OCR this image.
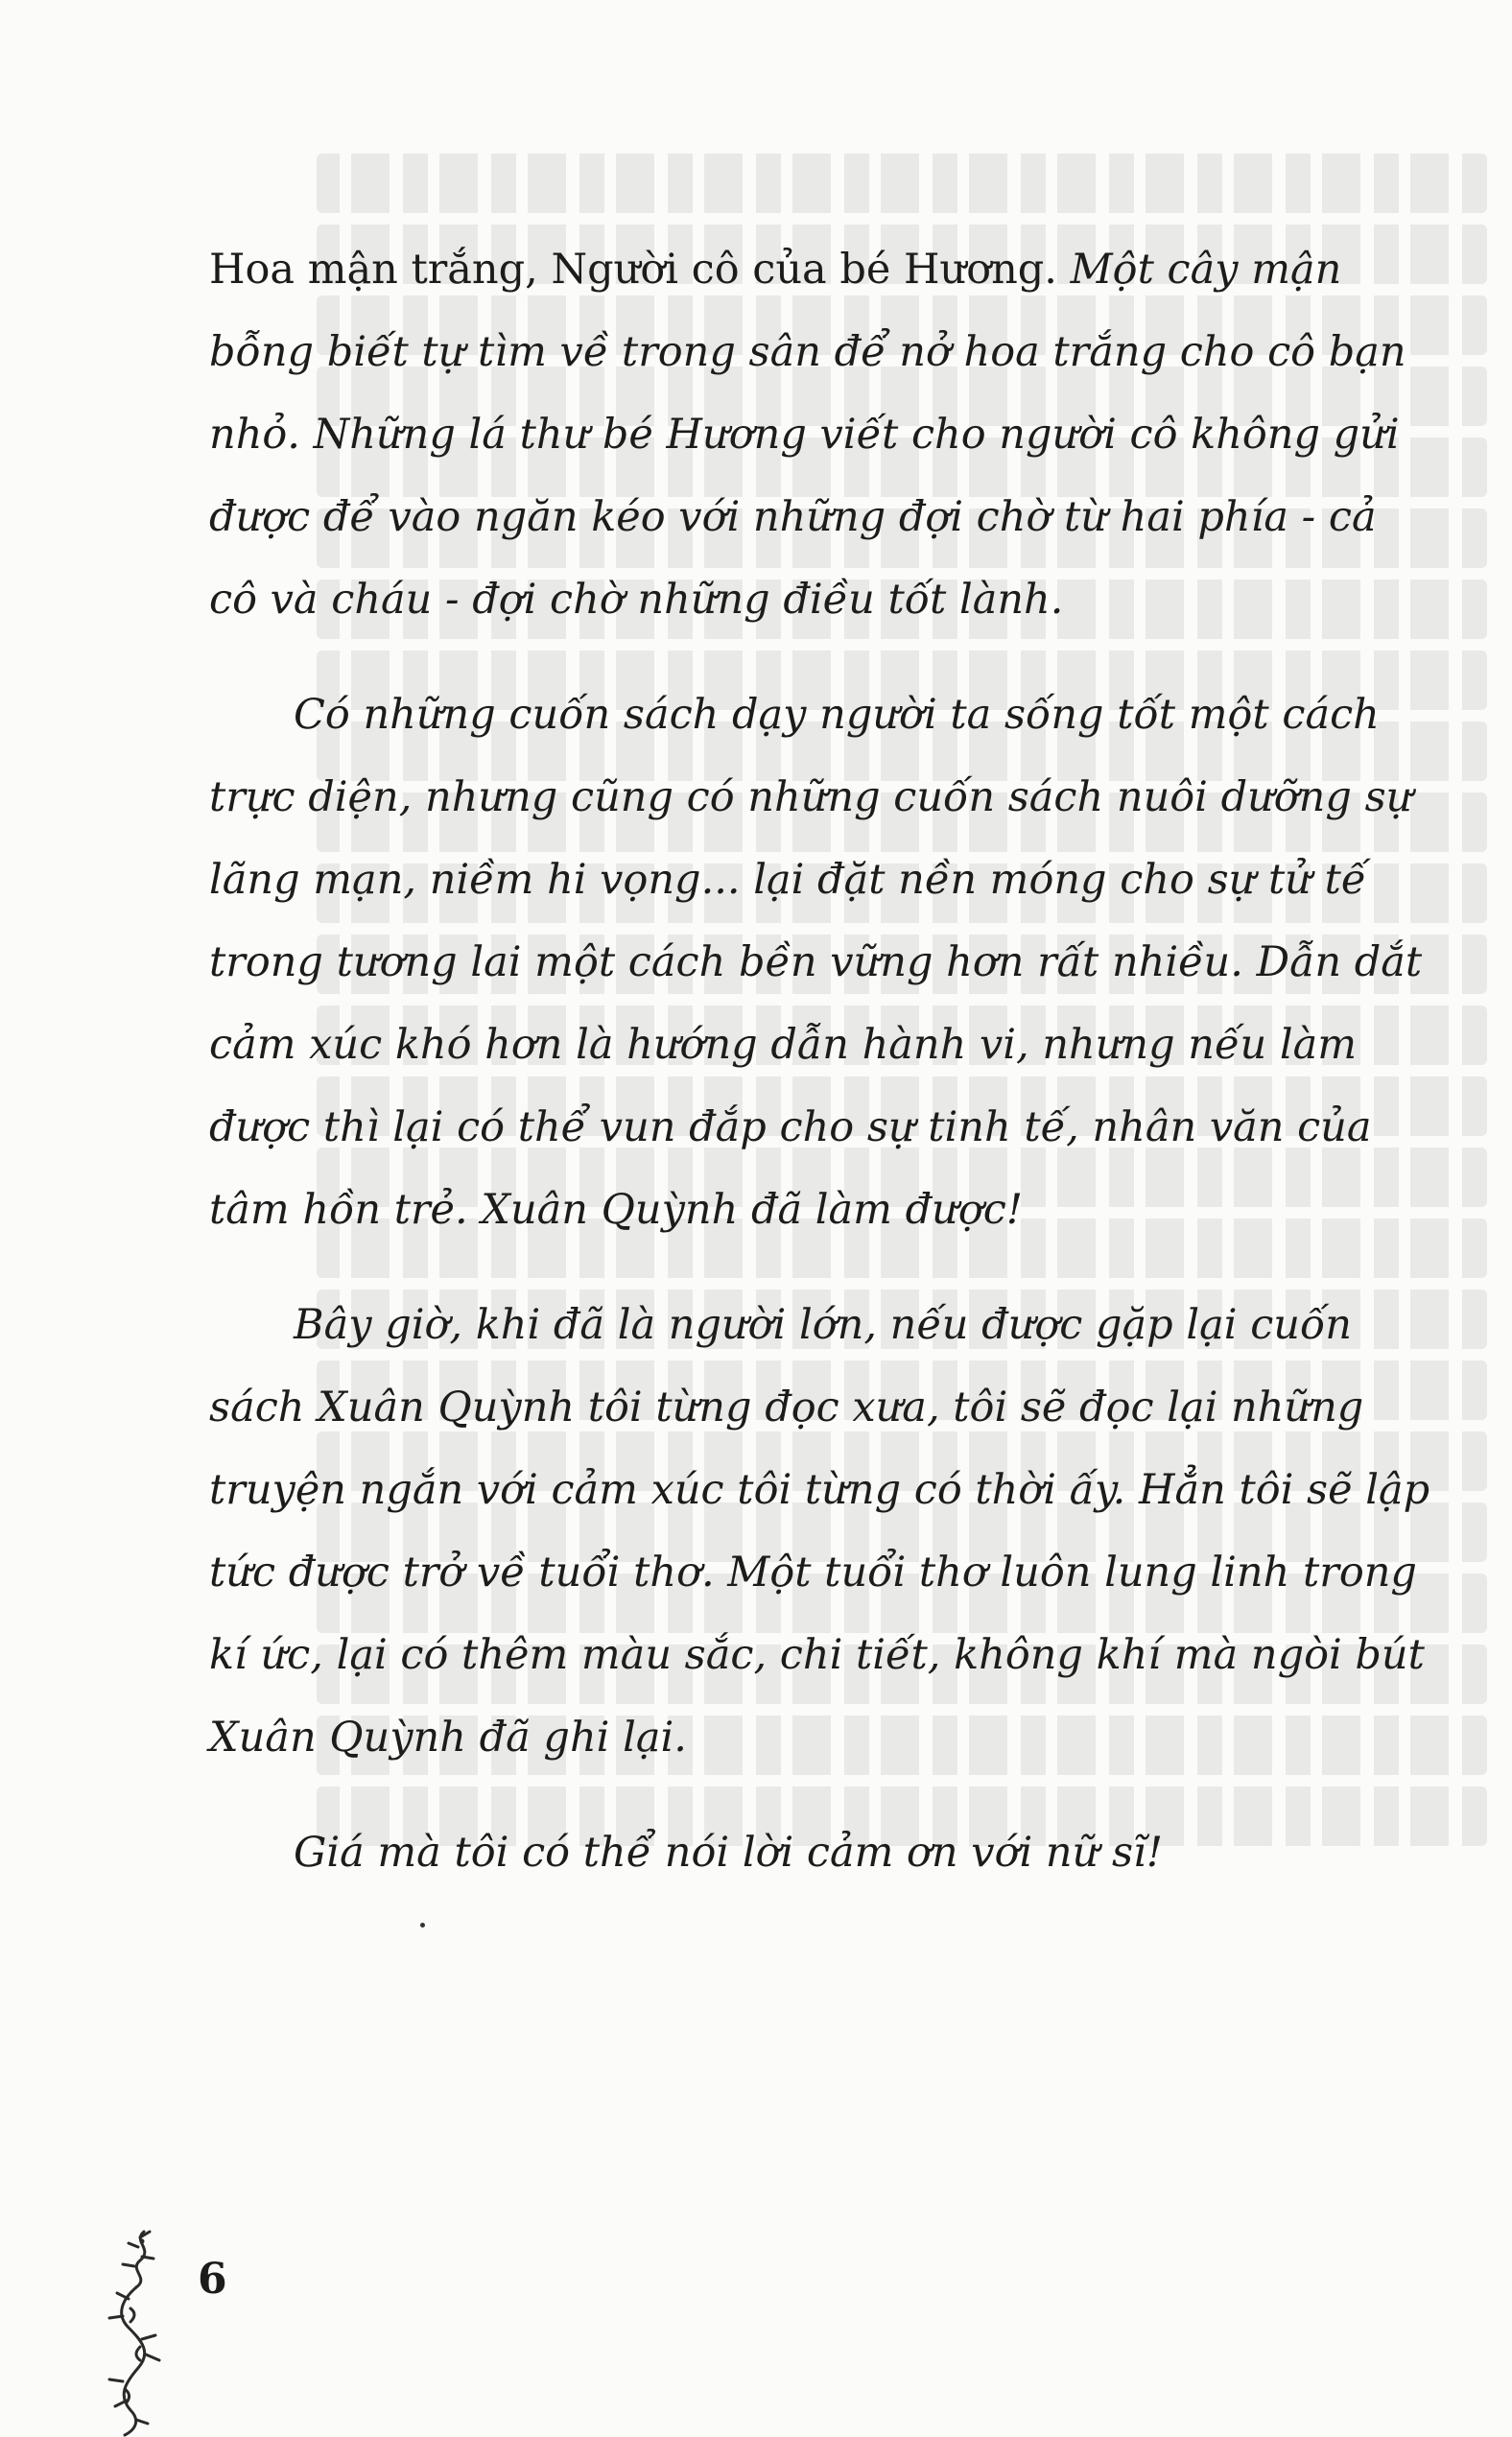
Hoa mận trắng, Người cô của bé Hương. Một cây mận
bỗng biết tự tìm về trong sân để nở hoa trắng cho cô bạn
nhỏ. Những lá thư bé Hương viết cho người cô không gửi
được để vào ngăn kéo với những đợi chờ từ hai phía - cả
cô và cháu - đợi chờ những điều tốt lành.

Có những cuốn sách dạy người ta sống tốt một cách
trực diện, nhưng cũng có những cuốn sách nuôi dưỡng sự
lãng mạn, niềm hi vọng... lại đặt nền móng cho sự tử tế
trong tương lai một cách bền vững hơn rất nhiều. Dẫn dắt
cảm xúc khó hơn là hướng dẫn hành vi, nhưng nếu làm
được thì lại có thể vun đắp cho sự tinh tế, nhân văn của
tâm hồn trẻ. Xuân Quỳnh đã làm được!

Bây giờ, khi đã là người lớn, nếu được gặp lại cuốn
sách Xuân Quỳnh tôi từng đọc xưa, tôi sẽ đọc lại những
truyện ngắn với cảm xúc tôi từng có thời ấy. Hẳn tôi sẽ lập
tức được trở về tuổi thơ. Một tuổi thơ luôn lung linh trong
kí ức, lại có thêm màu sắc, chi tiết, không khí mà ngòi bút
Xuân Quỳnh đã ghi lại.

Giá mà tôi có thể nói lời cảm ơn với nữ sĩ!

6
